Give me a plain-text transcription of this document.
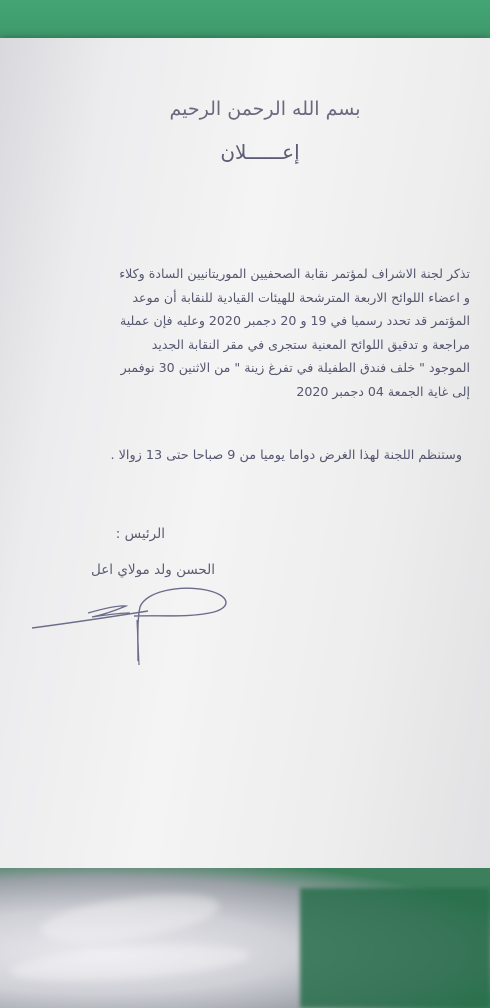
بسم الله الرحمن الرحيم
إعــــــلان
تذكر لجنة الاشراف لمؤتمر نقابة الصحفيين الموريتانيين السادة وكلاء
و اعضاء اللوائح الاربعة المترشحة للهيئات القيادية للنقابة أن موعد
المؤتمر قد تحدد رسميا في 19 و 20 دجمبر 2020 وعليه فإن عملية
مراجعة و تدقيق اللوائح المعنية ستجرى في مقر النقابة الجديد
الموجود " خلف فندق الطفيلة في تفرغ زينة " من الاثنين 30 نوفمبر
إلى غاية الجمعة 04 دجمبر 2020
وستنظم اللجنة لهذا الغرض دواما يوميا من 9 صباحا حتى 13 زوالا .
الرئيس :
الحسن ولد مولاي اعل
